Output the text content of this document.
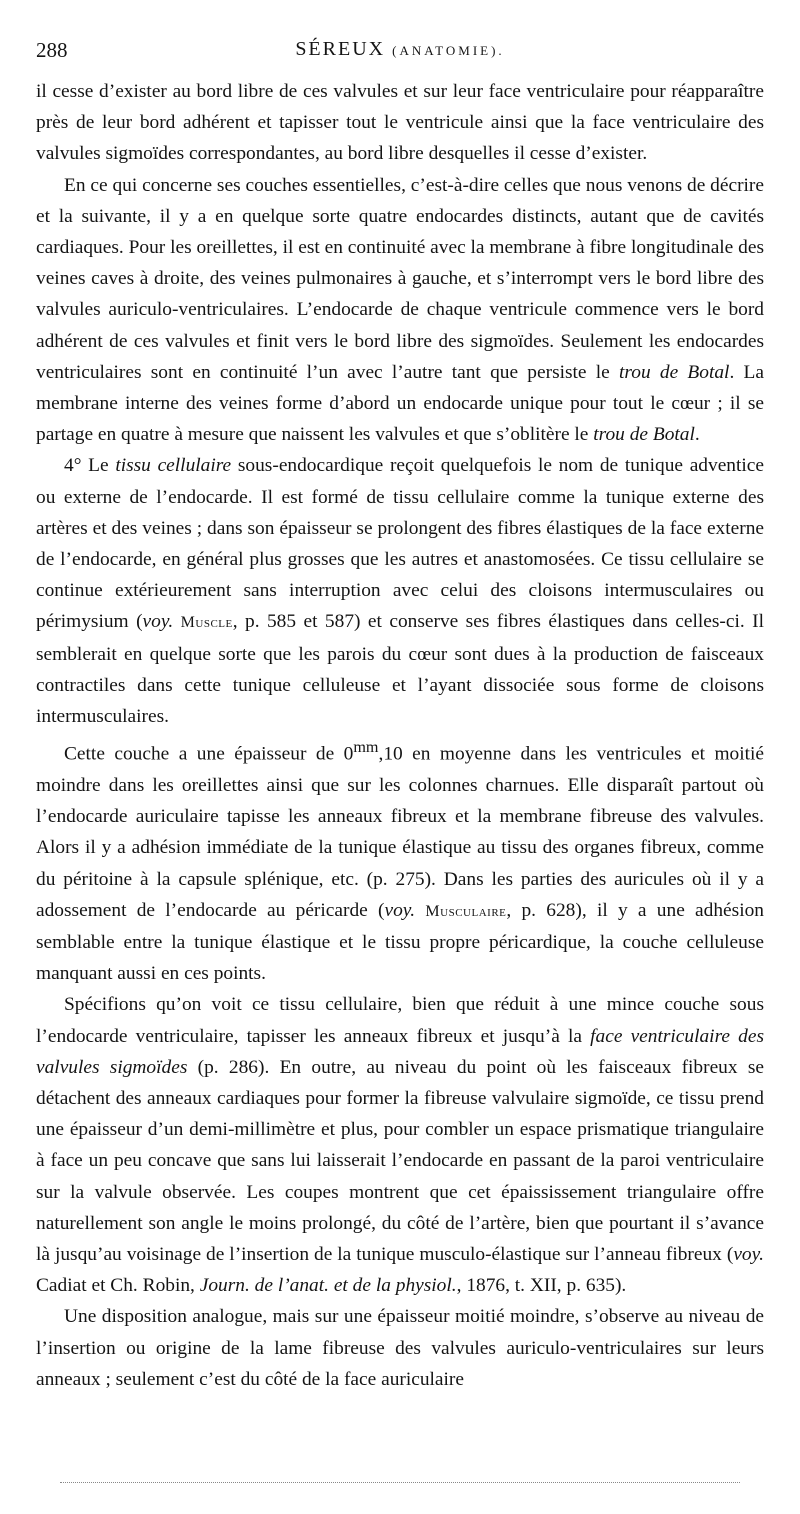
288	SÉREUX (ANATOMIE).

il cesse d’exister au bord libre de ces valvules et sur leur face ventriculaire pour réapparaître près de leur bord adhérent et tapisser tout le ventricule ainsi que la face ventriculaire des valvules sigmoïdes correspondantes, au bord libre desquelles il cesse d’exister.

En ce qui concerne ses couches essentielles, c’est-à-dire celles que nous venons de décrire et la suivante, il y a en quelque sorte quatre endocardes distincts, autant que de cavités cardiaques. Pour les oreillettes, il est en continuité avec la membrane à fibre longitudinale des veines caves à droite, des veines pulmonaires à gauche, et s’interrompt vers le bord libre des valvules auriculo-ventriculaires. L’endocarde de chaque ventricule commence vers le bord adhérent de ces valvules et finit vers le bord libre des sigmoïdes. Seulement les endocardes ventriculaires sont en continuité l’un avec l’autre tant que persiste le trou de Botal. La membrane interne des veines forme d’abord un endocarde unique pour tout le cœur ; il se partage en quatre à mesure que naissent les valvules et que s’oblitère le trou de Botal.

4° Le tissu cellulaire sous-endocardique reçoit quelquefois le nom de tunique adventice ou externe de l’endocarde. Il est formé de tissu cellulaire comme la tunique externe des artères et des veines ; dans son épaisseur se prolongent des fibres élastiques de la face externe de l’endocarde, en général plus grosses que les autres et anastomosées. Ce tissu cellulaire se continue extérieurement sans interruption avec celui des cloisons intermusculaires ou périmysium (voy. Muscle, p. 585 et 587) et conserve ses fibres élastiques dans celles-ci. Il semblerait en quelque sorte que les parois du cœur sont dues à la production de faisceaux contractiles dans cette tunique celluleuse et l’ayant dissociée sous forme de cloisons intermusculaires.

Cette couche a une épaisseur de $0^{mm},10$ en moyenne dans les ventricules et moitié moindre dans les oreillettes ainsi que sur les colonnes charnues. Elle disparaît partout où l’endocarde auriculaire tapisse les anneaux fibreux et la membrane fibreuse des valvules. Alors il y a adhésion immédiate de la tunique élastique au tissu des organes fibreux, comme du péritoine à la capsule splénique, etc. (p. 275). Dans les parties des auricules où il y a adossement de l’endocarde au péricarde (voy. Musculaire, p. 628), il y a une adhésion semblable entre la tunique élastique et le tissu propre péricardique, la couche celluleuse manquant aussi en ces points.

Spécifions qu’on voit ce tissu cellulaire, bien que réduit à une mince couche sous l’endocarde ventriculaire, tapisser les anneaux fibreux et jusqu’à la face ventriculaire des valvules sigmoïdes (p. 286). En outre, au niveau du point où les faisceaux fibreux se détachent des anneaux cardiaques pour former la fibreuse valvulaire sigmoïde, ce tissu prend une épaisseur d’un demi-millimètre et plus, pour combler un espace prismatique triangulaire à face un peu concave que sans lui laisserait l’endocarde en passant de la paroi ventriculaire sur la valvule observée. Les coupes montrent que cet épaississement triangulaire offre naturellement son angle le moins prolongé, du côté de l’artère, bien que pourtant il s’avance là jusqu’au voisinage de l’insertion de la tunique musculo-élastique sur l’anneau fibreux (voy. Cadiat et Ch. Robin, Journ. de l’anat. et de la physiol., 1876, t. XII, p. 635).

Une disposition analogue, mais sur une épaisseur moitié moindre, s’observe au niveau de l’insertion ou origine de la lame fibreuse des valvules auriculo-ventriculaires sur leurs anneaux ; seulement c’est du côté de la face auriculaire
